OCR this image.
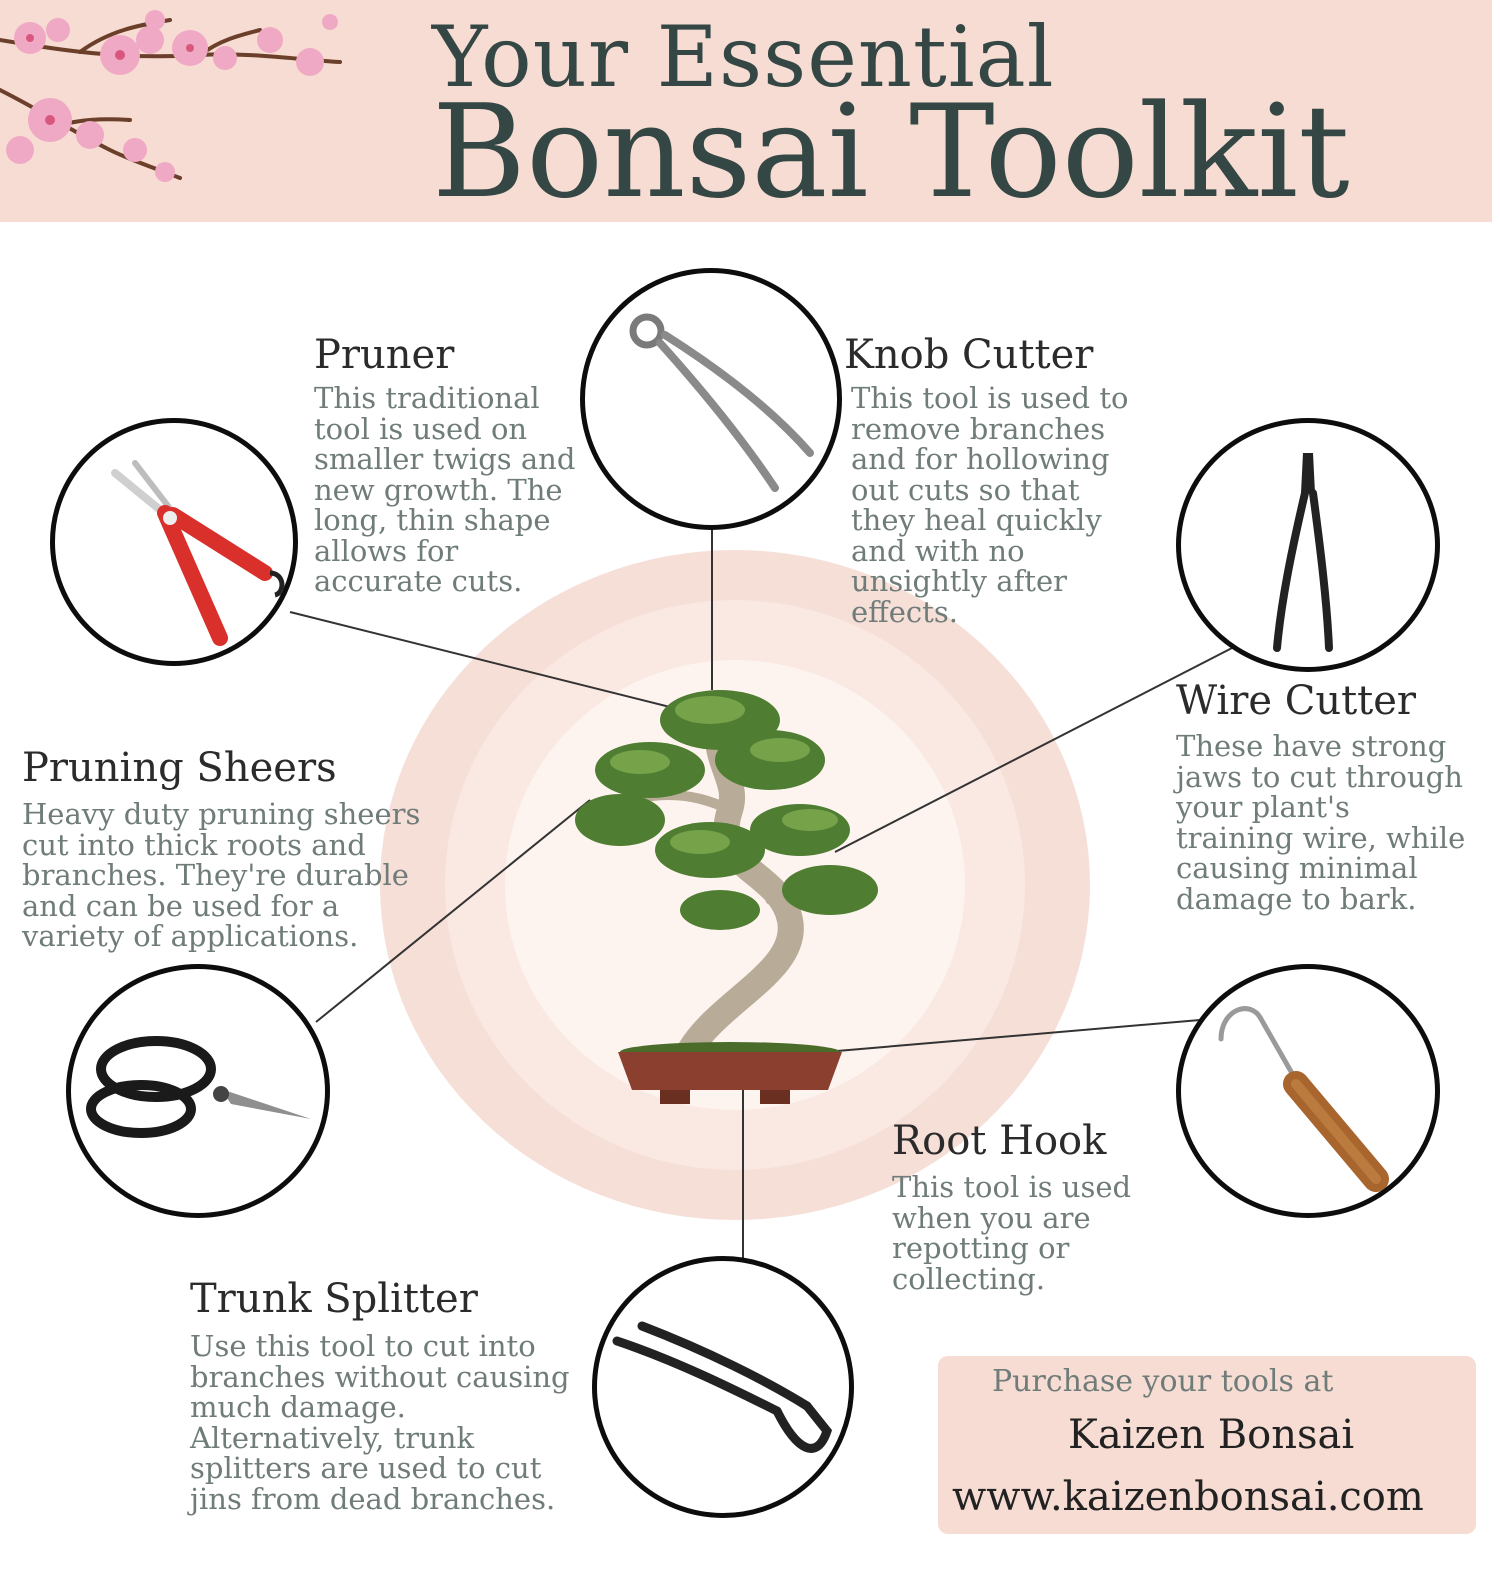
Your Essential
Bonsai Toolkit
Pruner
This traditional tool is used on smaller twigs and new growth. The long, thin shape allows for accurate cuts.
Knob Cutter
This tool is used to remove branches and for hollowing out cuts so that they heal quickly and with no unsightly after effects.
Wire Cutter
These have strong jaws to cut through your plant's training wire, while causing minimal damage to bark.
Pruning Sheers
Heavy duty pruning sheers cut into thick roots and branches. They're durable and can be used for a variety of applications.
Root Hook
This tool is used when you are repotting or collecting.
Trunk Splitter
Use this tool to cut into branches without causing much damage. Alternatively, trunk splitters are used to cut jins from dead branches.
Purchase your tools at
Kaizen Bonsai
www.kaizenbonsai.com
